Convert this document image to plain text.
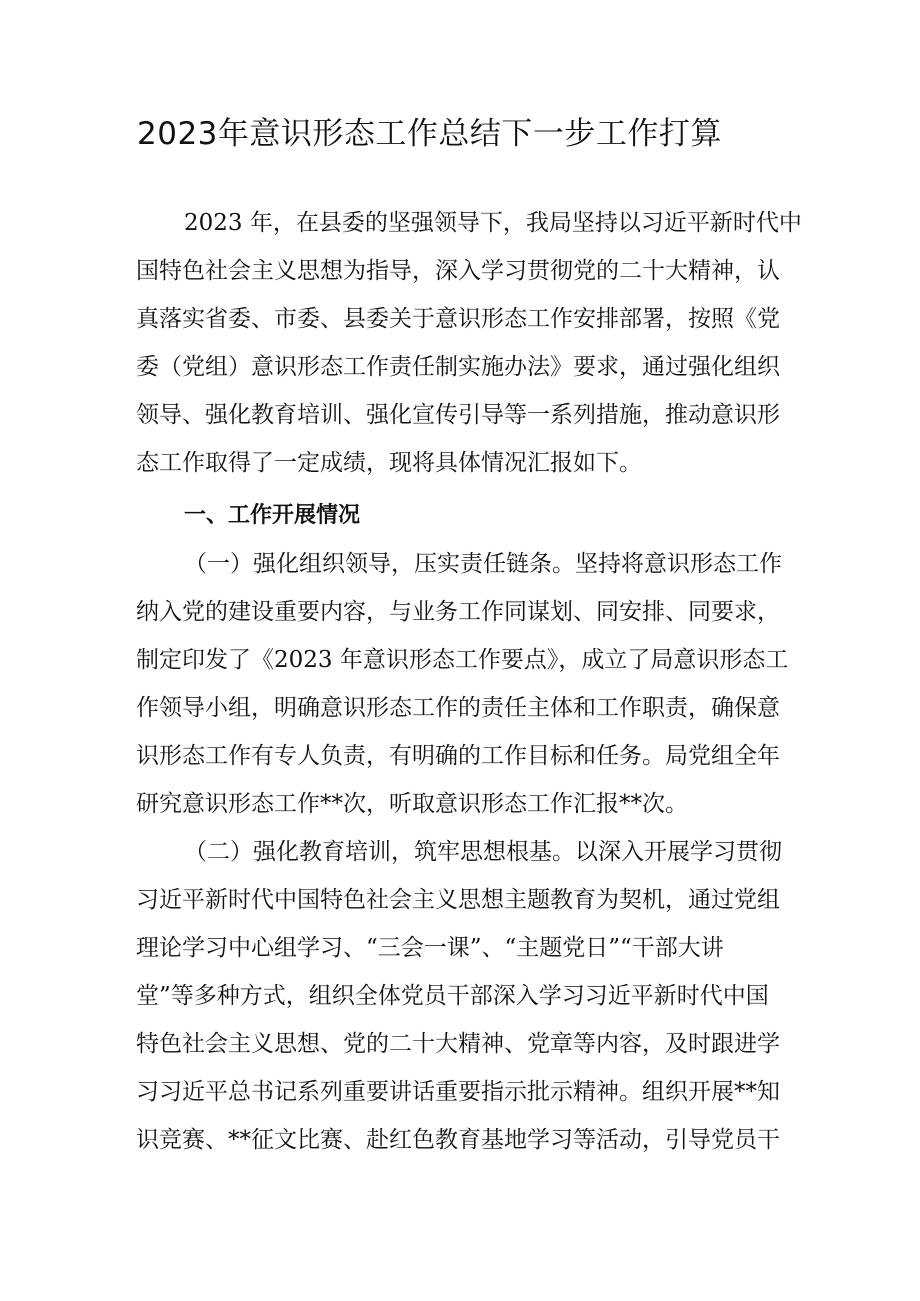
2023年意识形态工作总结下一步工作打算

2023 年，在县委的坚强领导下，我局坚持以习近平新时代中

国特色社会主义思想为指导，深入学习贯彻党的二十大精神，认

真落实省委、市委、县委关于意识形态工作安排部署，按照《党

委（党组）意识形态工作责任制实施办法》要求，通过强化组织

领导、强化教育培训、强化宣传引导等一系列措施，推动意识形

态工作取得了一定成绩，现将具体情况汇报如下。

一、工作开展情况

（一）强化组织领导，压实责任链条。坚持将意识形态工作

纳入党的建设重要内容，与业务工作同谋划、同安排、同要求，

制定印发了《2023 年意识形态工作要点》，成立了局意识形态工

作领导小组，明确意识形态工作的责任主体和工作职责，确保意

识形态工作有专人负责，有明确的工作目标和任务。局党组全年

研究意识形态工作**次，听取意识形态工作汇报**次。

（二）强化教育培训，筑牢思想根基。以深入开展学习贯彻

习近平新时代中国特色社会主义思想主题教育为契机，通过党组

理论学习中心组学习、“三会一课”、“主题党日”“干部大讲

堂”等多种方式，组织全体党员干部深入学习习近平新时代中国

特色社会主义思想、党的二十大精神、党章等内容，及时跟进学

习习近平总书记系列重要讲话重要指示批示精神。组织开展**知

识竞赛、**征文比赛、赴红色教育基地学习等活动，引导党员干
